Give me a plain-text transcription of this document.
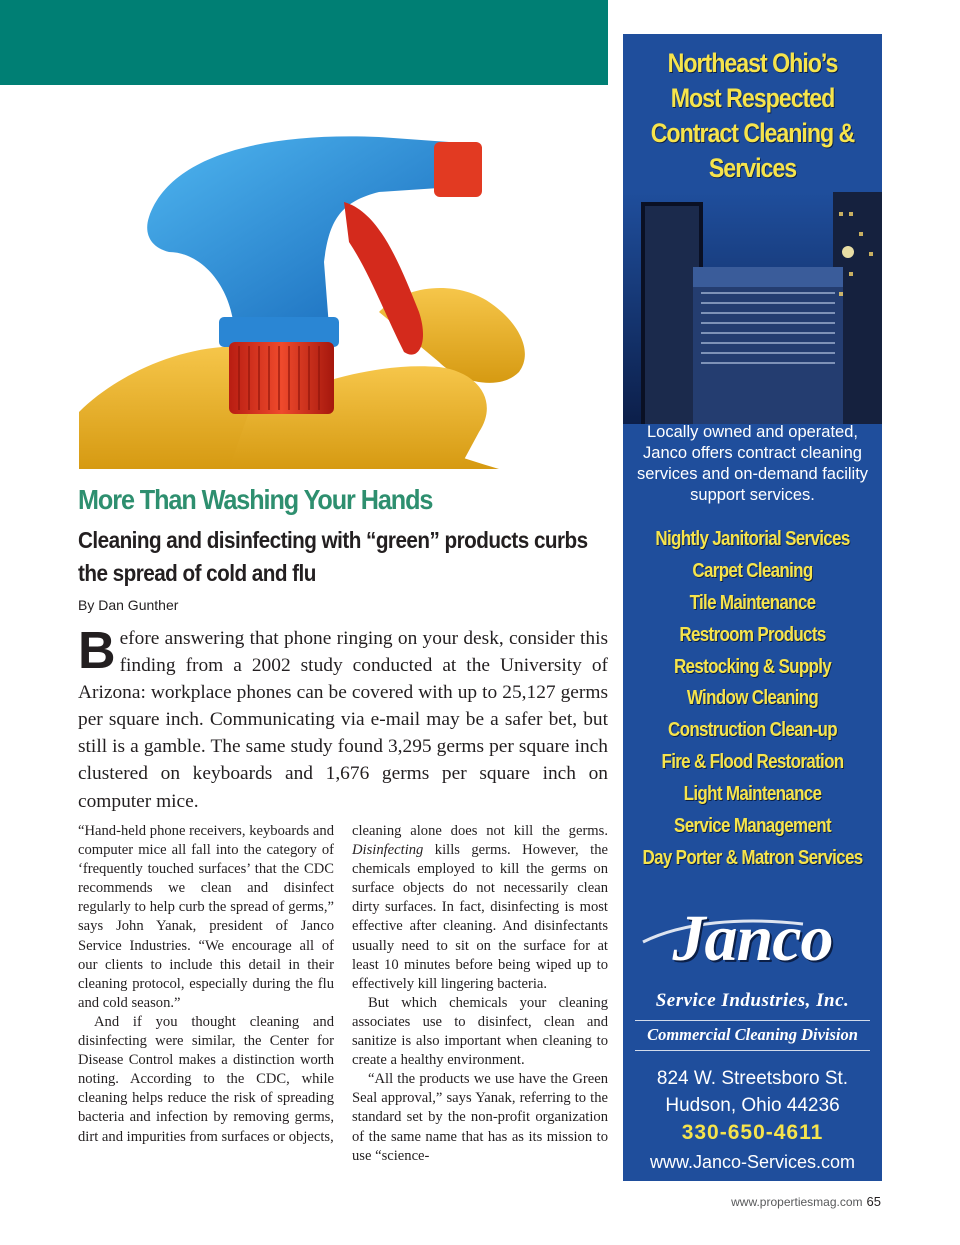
More Than Washing Your Hands
Cleaning and disinfecting with “green” products curbs the spread of cold and flu
By Dan Gunther

Before answering that phone ringing on your desk, consider this finding from a 2002 study conducted at the University of Arizona: workplace phones can be covered with up to 25,127 germs per square inch. Communicating via e-mail may be a safer bet, but still is a gamble. The same study found 3,295 germs per square inch clustered on keyboards and 1,676 germs per square inch on computer mice.

“Hand-held phone receivers, keyboards and computer mice all fall into the category of ‘frequently touched surfaces’ that the CDC recommends we clean and disinfect regularly to help curb the spread of germs,” says John Yanak, president of Janco Service Industries. “We encourage all of our clients to include this detail in their cleaning protocol, especially during the flu and cold season.”

And if you thought cleaning and disinfecting were similar, the Center for Disease Control makes a distinction worth noting. According to the CDC, while cleaning helps reduce the risk of spreading bacteria and infection by removing germs, dirt and impurities from surfaces or objects,

cleaning alone does not kill the germs. Disinfecting kills germs. However, the chemicals employed to kill the germs on surface objects do not necessarily clean dirty surfaces. In fact, disinfecting is most effective after cleaning. And disinfectants usually need to sit on the surface for at least 10 minutes before being wiped up to effectively kill lingering bacteria.

But which chemicals your cleaning associates use to disinfect, clean and sanitize is also important when cleaning to create a healthy environment.

“All the products we use have the Green Seal approval,” says Yanak, referring to the standard set by the non-profit organization of the same name that has as its mission to use “science-

Northeast Ohio’s Most Respected Contract Cleaning & Services

Locally owned and operated, Janco offers contract cleaning services and on-demand facility support services.

Nightly Janitorial Services
Carpet Cleaning
Tile Maintenance
Restroom Products
Restocking & Supply
Window Cleaning
Construction Clean-up
Fire & Flood Restoration
Light Maintenance
Service Management
Day Porter & Matron Services
Janco
Service Industries, Inc.
Commercial Cleaning Division
824 W. Streetsboro St.
Hudson, Ohio 44236
330-650-4611
www.Janco-Services.com
www.propertiesmag.com 65
